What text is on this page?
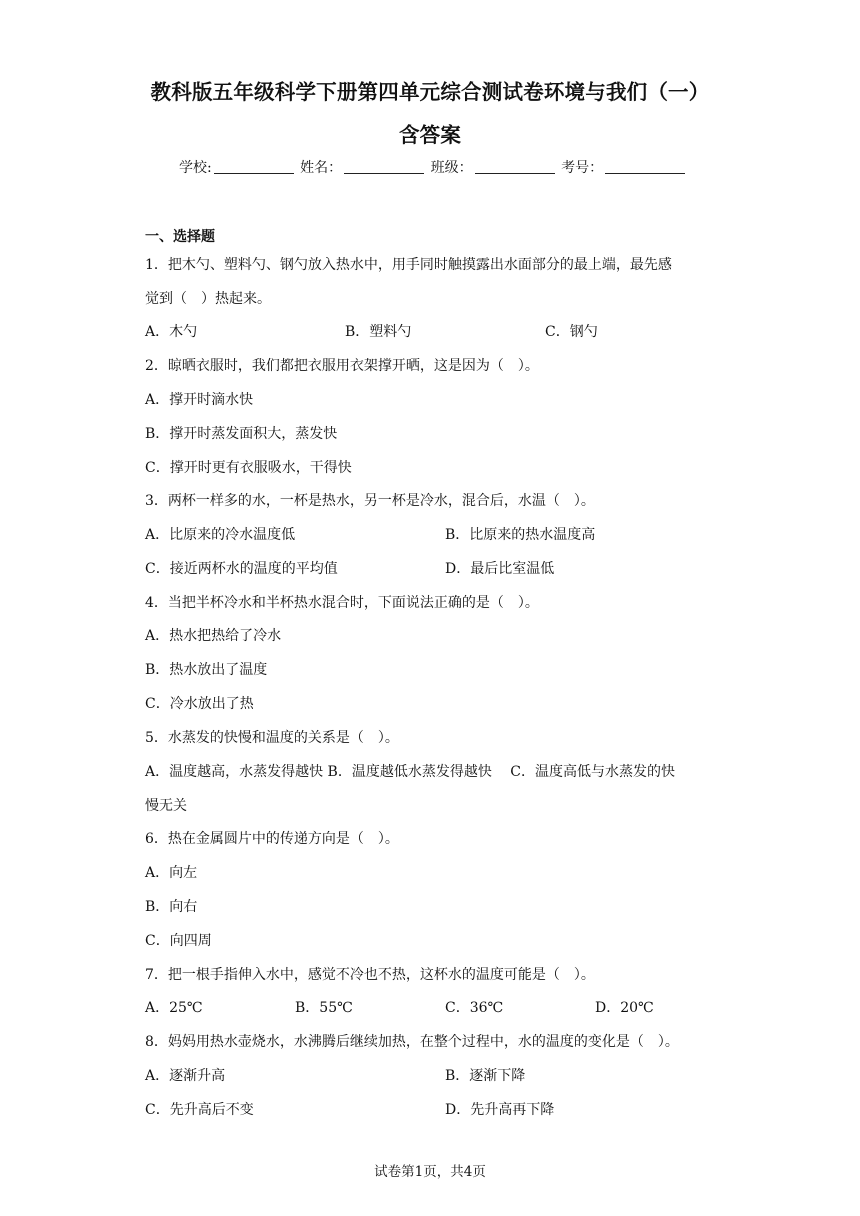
教科版五年级科学下册第四单元综合测试卷环境与我们（一）
含答案
学校:	姓名：	班级：	考号：
一、选择题
1．把木勺、塑料勺、钢勺放入热水中，用手同时触摸露出水面部分的最上端，最先感
觉到（　）热起来。
A．木勺	B．塑料勺	C．钢勺
2．晾晒衣服时，我们都把衣服用衣架撑开晒，这是因为（　）。
A．撑开时滴水快
B．撑开时蒸发面积大，蒸发快
C．撑开时更有衣服吸水，干得快
3．两杯一样多的水，一杯是热水，另一杯是冷水，混合后，水温（　）。
A．比原来的冷水温度低	B．比原来的热水温度高
C．接近两杯水的温度的平均值	D．最后比室温低
4．当把半杯冷水和半杯热水混合时，下面说法正确的是（　）。
A．热水把热给了冷水
B．热水放出了温度
C．冷水放出了热
5．水蒸发的快慢和温度的关系是（　）。
A．温度越高，水蒸发得越快 B．温度越低水蒸发得越快　 C．温度高低与水蒸发的快
慢无关
6．热在金属圆片中的传递方向是（　）。
A．向左
B．向右
C．向四周
7．把一根手指伸入水中，感觉不冷也不热，这杯水的温度可能是（　）。
A．25℃	B．55℃	C．36℃	D．20℃
8．妈妈用热水壶烧水，水沸腾后继续加热，在整个过程中，水的温度的变化是（　）。
A．逐渐升高	B．逐渐下降
C．先升高后不变	D．先升高再下降
试卷第1页，共4页
